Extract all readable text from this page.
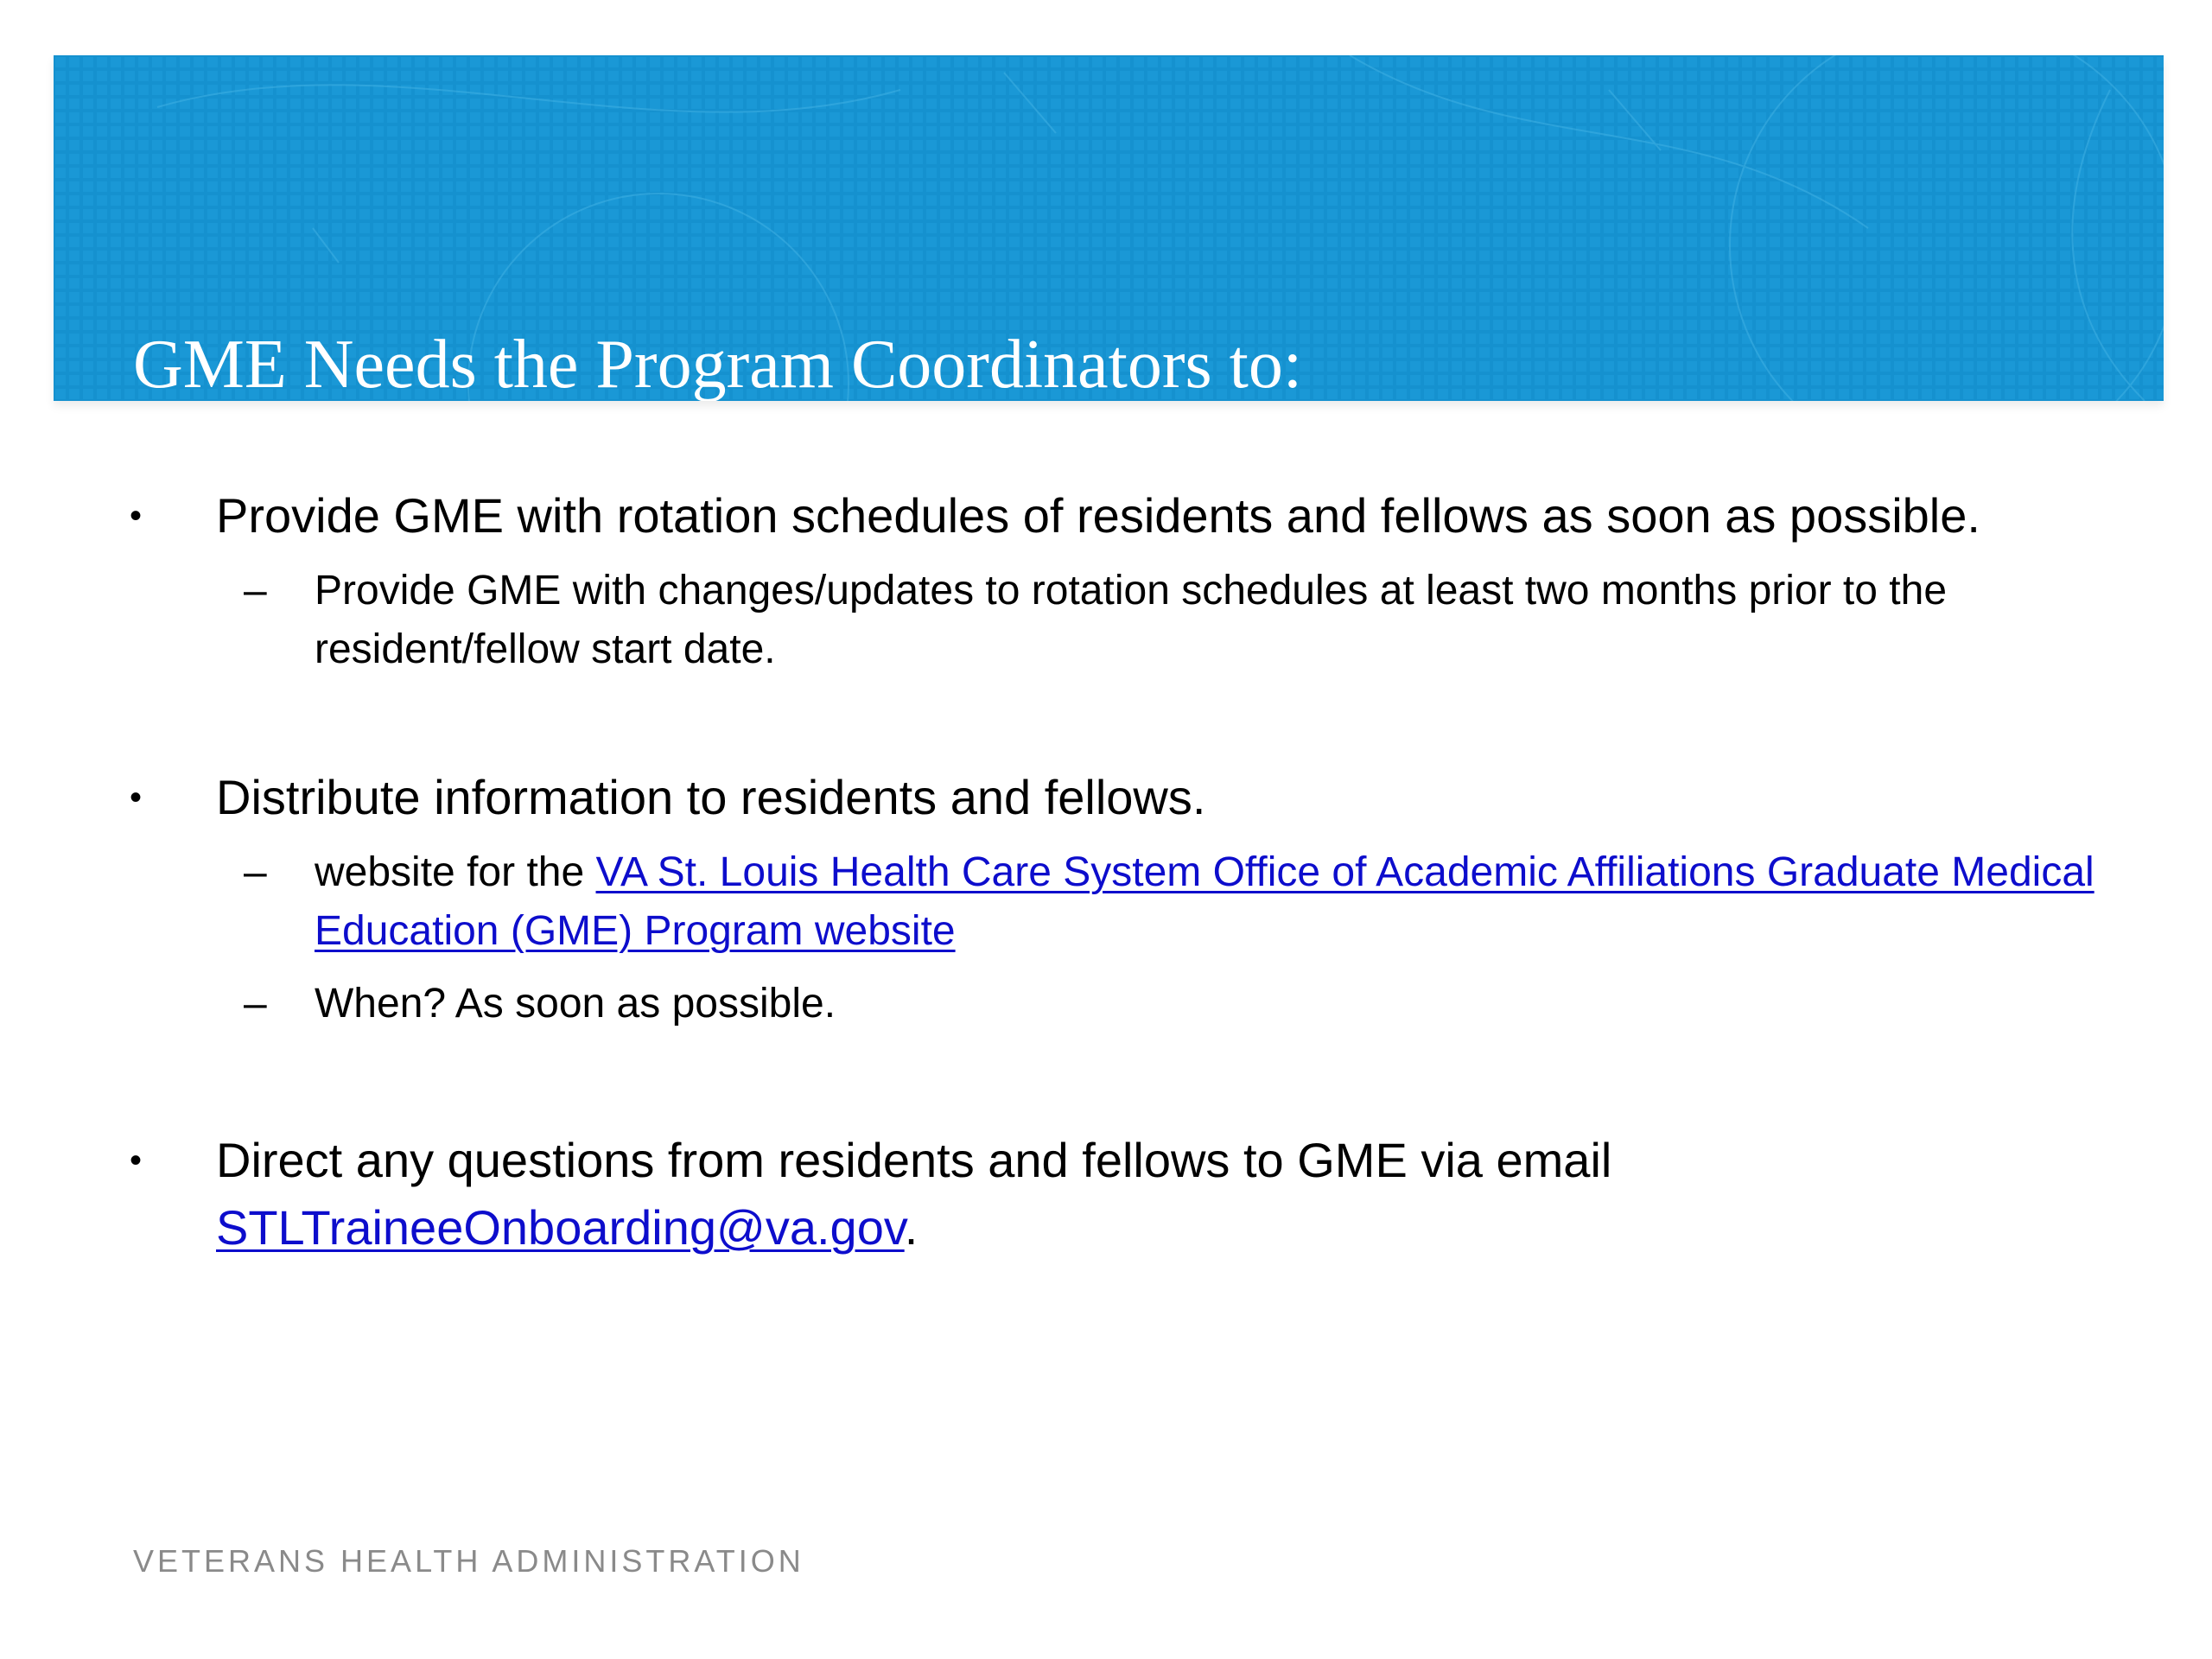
GME Needs the Program Coordinators to:
• Provide GME with rotation schedules of residents and fellows as soon as possible.
– Provide GME with changes/updates to rotation schedules at least two months prior to the resident/fellow start date.
• Distribute information to residents and fellows.
– website for the VA St. Louis Health Care System Office of Academic Affiliations Graduate Medical Education (GME) Program website
– When? As soon as possible.
• Direct any questions from residents and fellows to GME via email
STLTraineeOnboarding@va.gov.
VETERANS HEALTH ADMINISTRATION
